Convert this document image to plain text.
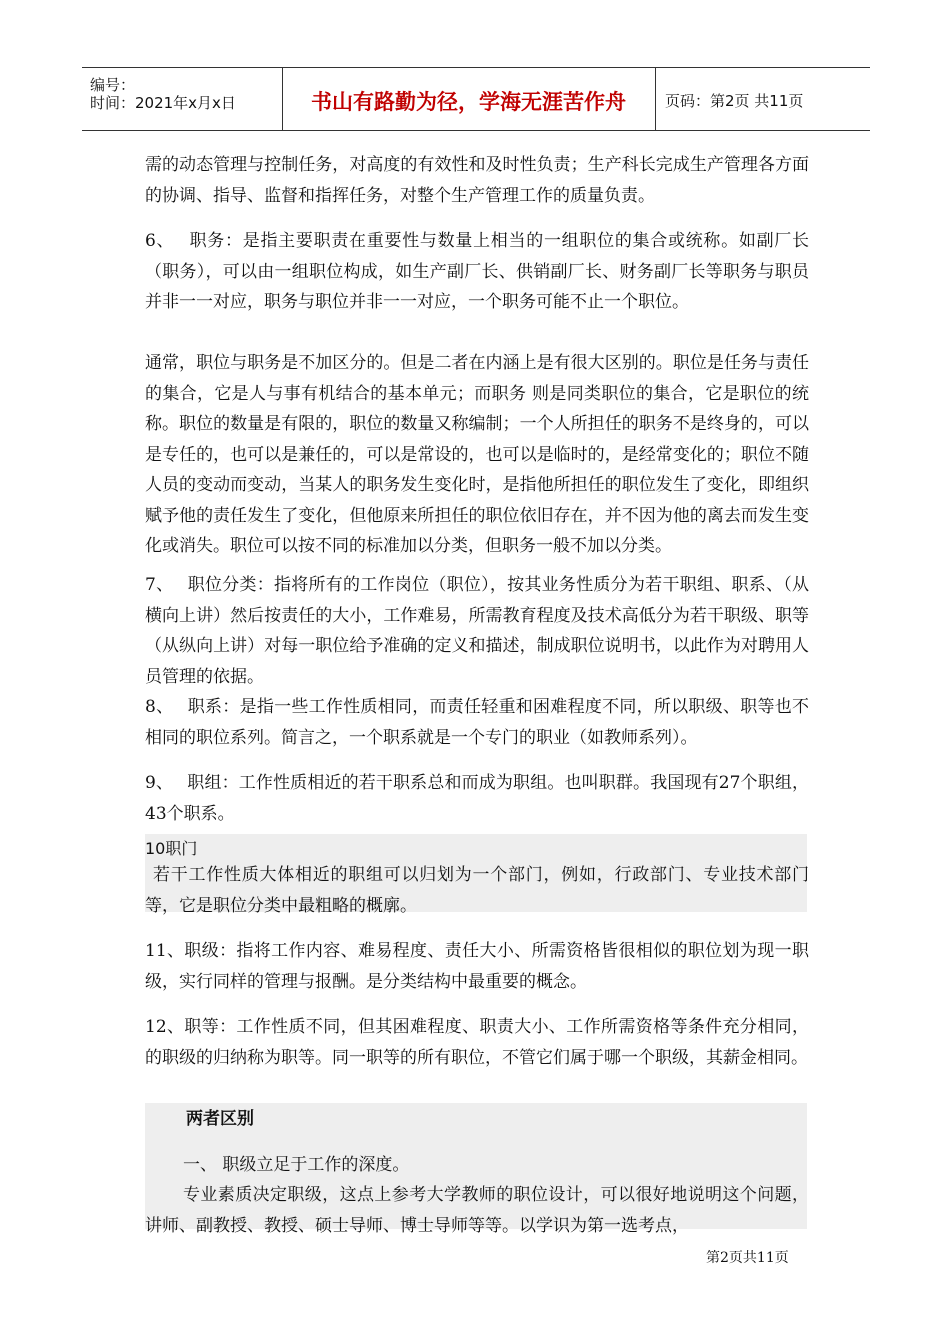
编号：
时间：2021年x月x日	书山有路勤为径，学海无涯苦作舟	页码：第2页 共11页
需的动态管理与控制任务，对高度的有效性和及时性负责；生产科长完成生产管理各方面的协调、指导、监督和指挥任务，对整个生产管理工作的质量负责。
6、　 职务：是指主要职责在重要性与数量上相当的一组职位的集合或统称。如副厂长（职务），可以由一组职位构成，如生产副厂长、供销副厂长、财务副厂长等职务与职员并非一一对应，职务与职位并非一一对应，一个职务可能不止一个职位。
通常，职位与职务是不加区分的。但是二者在内涵上是有很大区别的。职位是任务与责任的集合，它是人与事有机结合的基本单元；而职务 则是同类职位的集合，它是职位的统称。职位的数量是有限的，职位的数量又称编制；一个人所担任的职务不是终身的，可以是专任的，也可以是兼任的，可以是常设的，也可以是临时的，是经常变化的；职位不随人员的变动而变动，当某人的职务发生变化时，是指他所担任的职位发生了变化，即组织赋予他的责任发生了变化，但他原来所担任的职位依旧存在，并不因为他的离去而发生变化或消失。职位可以按不同的标准加以分类，但职务一般不加以分类。
7、　 职位分类：指将所有的工作岗位（职位），按其业务性质分为若干职组、职系、（从横向上讲）然后按责任的大小，工作难易，所需教育程度及技术高低分为若干职级、职等（从纵向上讲）对每一职位给予准确的定义和描述，制成职位说明书，以此作为对聘用人员管理的依据。
8、　 职系：是指一些工作性质相同，而责任轻重和困难程度不同，所以职级、职等也不相同的职位系列。简言之，一个职系就是一个专门的职业（如教师系列）。
9、　 职组：工作性质相近的若干职系总和而成为职组。也叫职群。我国现有27个职组，43个职系。
10职门
若干工作性质大体相近的职组可以归划为一个部门，例如，行政部门、专业技术部门等，它是职位分类中最粗略的概廓。
11、职级：指将工作内容、难易程度、责任大小、所需资格皆很相似的职位划为现一职级，实行同样的管理与报酬。是分类结构中最重要的概念。
12、职等：工作性质不同，但其困难程度、职责大小、工作所需资格等条件充分相同，的职级的归纳称为职等。同一职等的所有职位，不管它们属于哪一个职级，其薪金相同。
两者区别
一、 职级立足于工作的深度。
专业素质决定职级，这点上参考大学教师的职位设计，可以很好地说明这个问题，讲师、副教授、教授、硕士导师、博士导师等等。以学识为第一选考点，
第2页共11页
